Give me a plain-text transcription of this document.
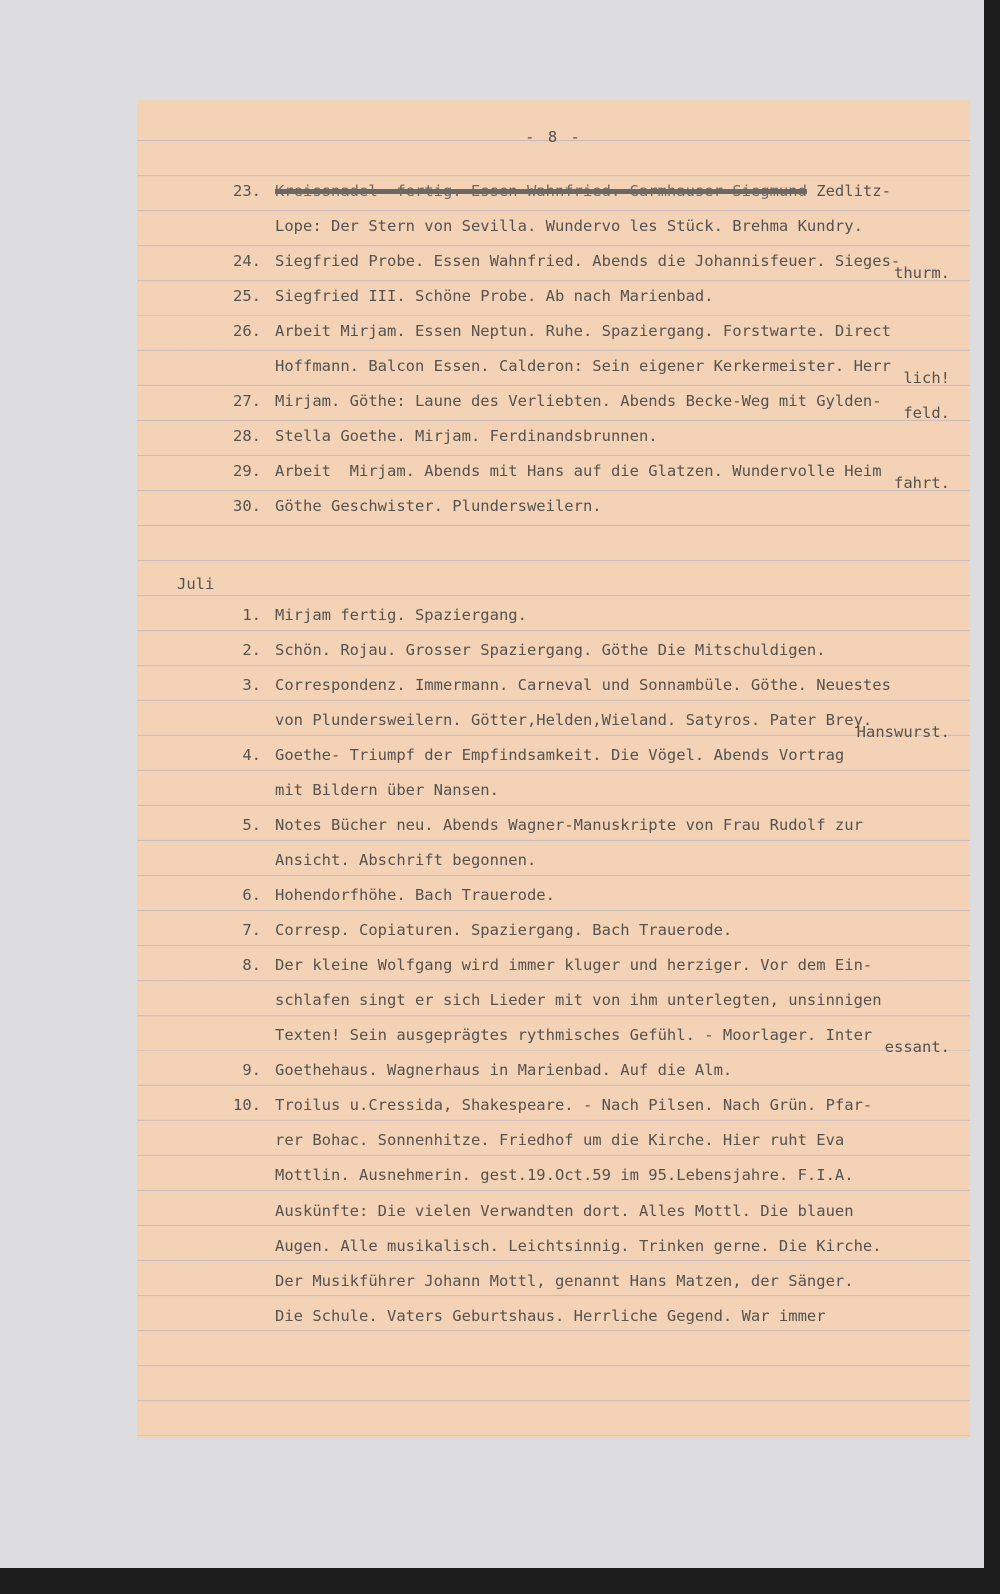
- 8 -
Juli
23. Kreissnadel  fertig. Essen Wahnfried. Garmhauser Siegmund Zedlitz-
Lope: Der Stern von Sevilla. Wundervo les Stück. Brehma Kundry.
24. Siegfried Probe. Essen Wahnfried. Abends die Johannisfeuer. Sieges-
thurm.
25. Siegfried III. Schöne Probe. Ab nach Marienbad.
26. Arbeit Mirjam. Essen Neptun. Ruhe. Spaziergang. Forstwarte. Direct
Hoffmann. Balcon Essen. Calderon: Sein eigener Kerkermeister. Herr
lich!
27. Mirjam. Göthe: Laune des Verliebten. Abends Becke-Weg mit Gylden-
feld.
28. Stella Goethe. Mirjam. Ferdinandsbrunnen.
29. Arbeit  Mirjam. Abends mit Hans auf die Glatzen. Wundervolle Heim
fahrt.
30. Göthe Geschwister. Plundersweilern.
1. Mirjam fertig. Spaziergang.
2. Schön. Rojau. Grosser Spaziergang. Göthe Die Mitschuldigen.
3. Correspondenz. Immermann. Carneval und Sonnambüle. Göthe. Neuestes
von Plundersweilern. Götter,Helden,Wieland. Satyros. Pater Brey.
Hanswurst.
4. Goethe- Triumpf der Empfindsamkeit. Die Vögel. Abends Vortrag
mit Bildern über Nansen.
5. Notes Bücher neu. Abends Wagner-Manuskripte von Frau Rudolf zur
Ansicht. Abschrift begonnen.
6. Hohendorfhöhe. Bach Trauerode.
7. Corresp. Copiaturen. Spaziergang. Bach Trauerode.
8. Der kleine Wolfgang wird immer kluger und herziger. Vor dem Ein-
schlafen singt er sich Lieder mit von ihm unterlegten, unsinnigen
Texten! Sein ausgeprägtes rythmisches Gefühl. - Moorlager. Inter
essant.
9. Goethehaus. Wagnerhaus in Marienbad. Auf die Alm.
10. Troilus u.Cressida, Shakespeare. - Nach Pilsen. Nach Grün. Pfar-
rer Bohac. Sonnenhitze. Friedhof um die Kirche. Hier ruht Eva
Mottlin. Ausnehmerin. gest.19.Oct.59 im 95.Lebensjahre. F.I.A.
Auskünfte: Die vielen Verwandten dort. Alles Mottl. Die blauen
Augen. Alle musikalisch. Leichtsinnig. Trinken gerne. Die Kirche.
Der Musikführer Johann Mottl, genannt Hans Matzen, der Sänger.
Die Schule. Vaters Geburtshaus. Herrliche Gegend. War immer
